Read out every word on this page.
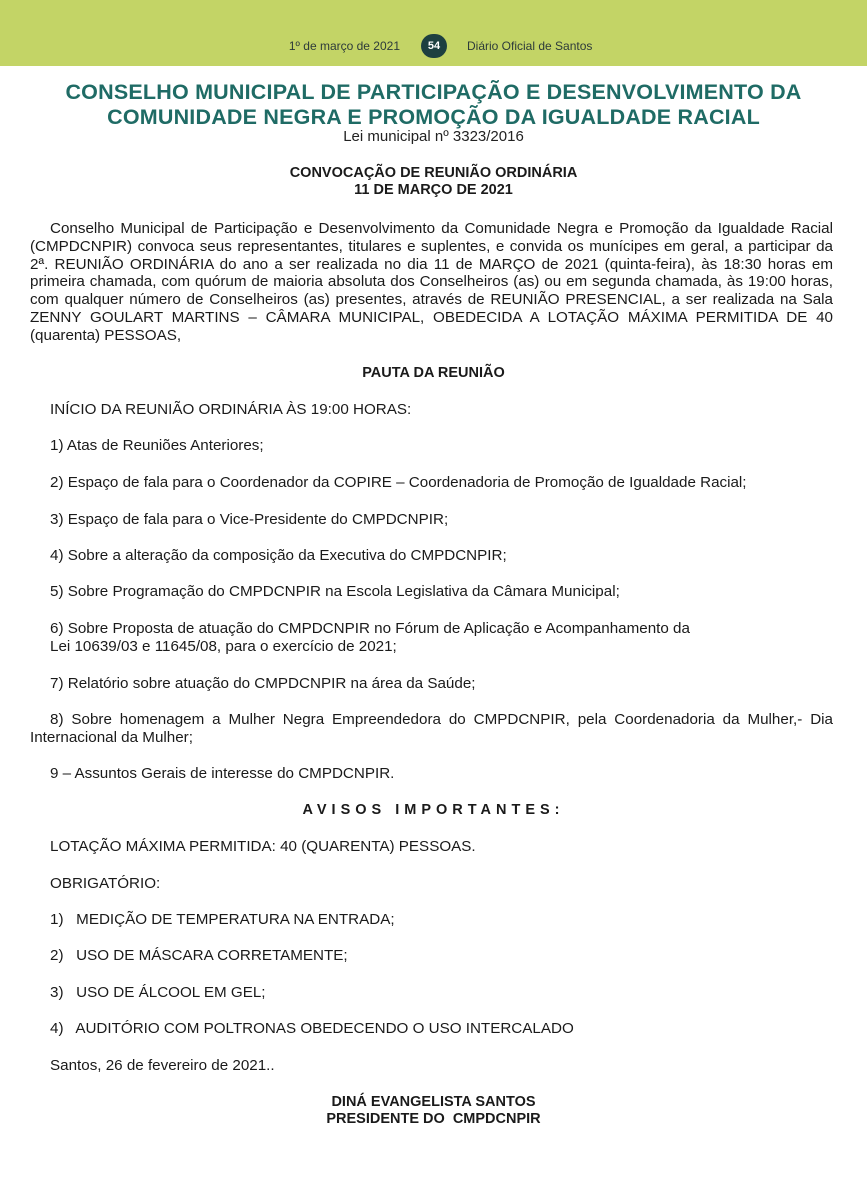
1º de março de 2021	54	Diário Oficial de Santos
CONSELHO MUNICIPAL DE PARTICIPAÇÃO E DESENVOLVIMENTO DA
COMUNIDADE NEGRA E PROMOÇÃO DA IGUALDADE RACIAL
Lei municipal nº 3323/2016
CONVOCAÇÃO DE REUNIÃO ORDINÁRIA
11 DE MARÇO DE 2021
Conselho Municipal de Participação e Desenvolvimento da Comunidade Negra e Promoção da Igualdade Racial (CMPDCNPIR) convoca seus representantes, titulares e suplentes, e convida os munícipes em geral, a participar da 2ª. REUNIÃO ORDINÁRIA do ano a ser realizada no dia 11 de MARÇO de 2021 (quinta-feira), às 18:30 horas em primeira chamada, com quórum de maioria absoluta dos Conselheiros (as) ou em segunda chamada, às 19:00 horas, com qualquer número de Conselheiros (as) presentes, através de REUNIÃO PRESENCIAL, a ser realizada na Sala ZENNY GOULART MARTINS – CÂMARA MUNICIPAL, OBEDECIDA A LOTAÇÃO MÁXIMA PERMITIDA DE 40 (quarenta) PESSOAS,
PAUTA DA REUNIÃO
INÍCIO DA REUNIÃO ORDINÁRIA ÀS 19:00 HORAS:
1) Atas de Reuniões Anteriores;
2) Espaço de fala para o Coordenador da COPIRE – Coordenadoria de Promoção de Igualdade Racial;
3) Espaço de fala para o Vice-Presidente do CMPDCNPIR;
4) Sobre a alteração da composição da Executiva do CMPDCNPIR;
5) Sobre Programação do CMPDCNPIR na Escola Legislativa da Câmara Municipal;
6) Sobre Proposta de atuação do CMPDCNPIR no Fórum de Aplicação e Acompanhamento da
Lei 10639/03 e 11645/08, para o exercício de 2021;
7) Relatório sobre atuação do CMPDCNPIR na área da Saúde;
8) Sobre homenagem a Mulher Negra Empreendedora do CMPDCNPIR, pela Coordenadoria da Mulher,- Dia Internacional da Mulher;
9 – Assuntos Gerais de interesse do CMPDCNPIR.
AVISOS IMPORTANTES:
LOTAÇÃO MÁXIMA PERMITIDA: 40 (QUARENTA) PESSOAS.
OBRIGATÓRIO:
1)   MEDIÇÃO DE TEMPERATURA NA ENTRADA;
2)   USO DE MÁSCARA CORRETAMENTE;
3)   USO DE ÁLCOOL EM GEL;
4)   AUDITÓRIO COM POLTRONAS OBEDECENDO O USO INTERCALADO
Santos, 26 de fevereiro de 2021..
DINÁ EVANGELISTA SANTOS
PRESIDENTE DO  CMPDCNPIR
